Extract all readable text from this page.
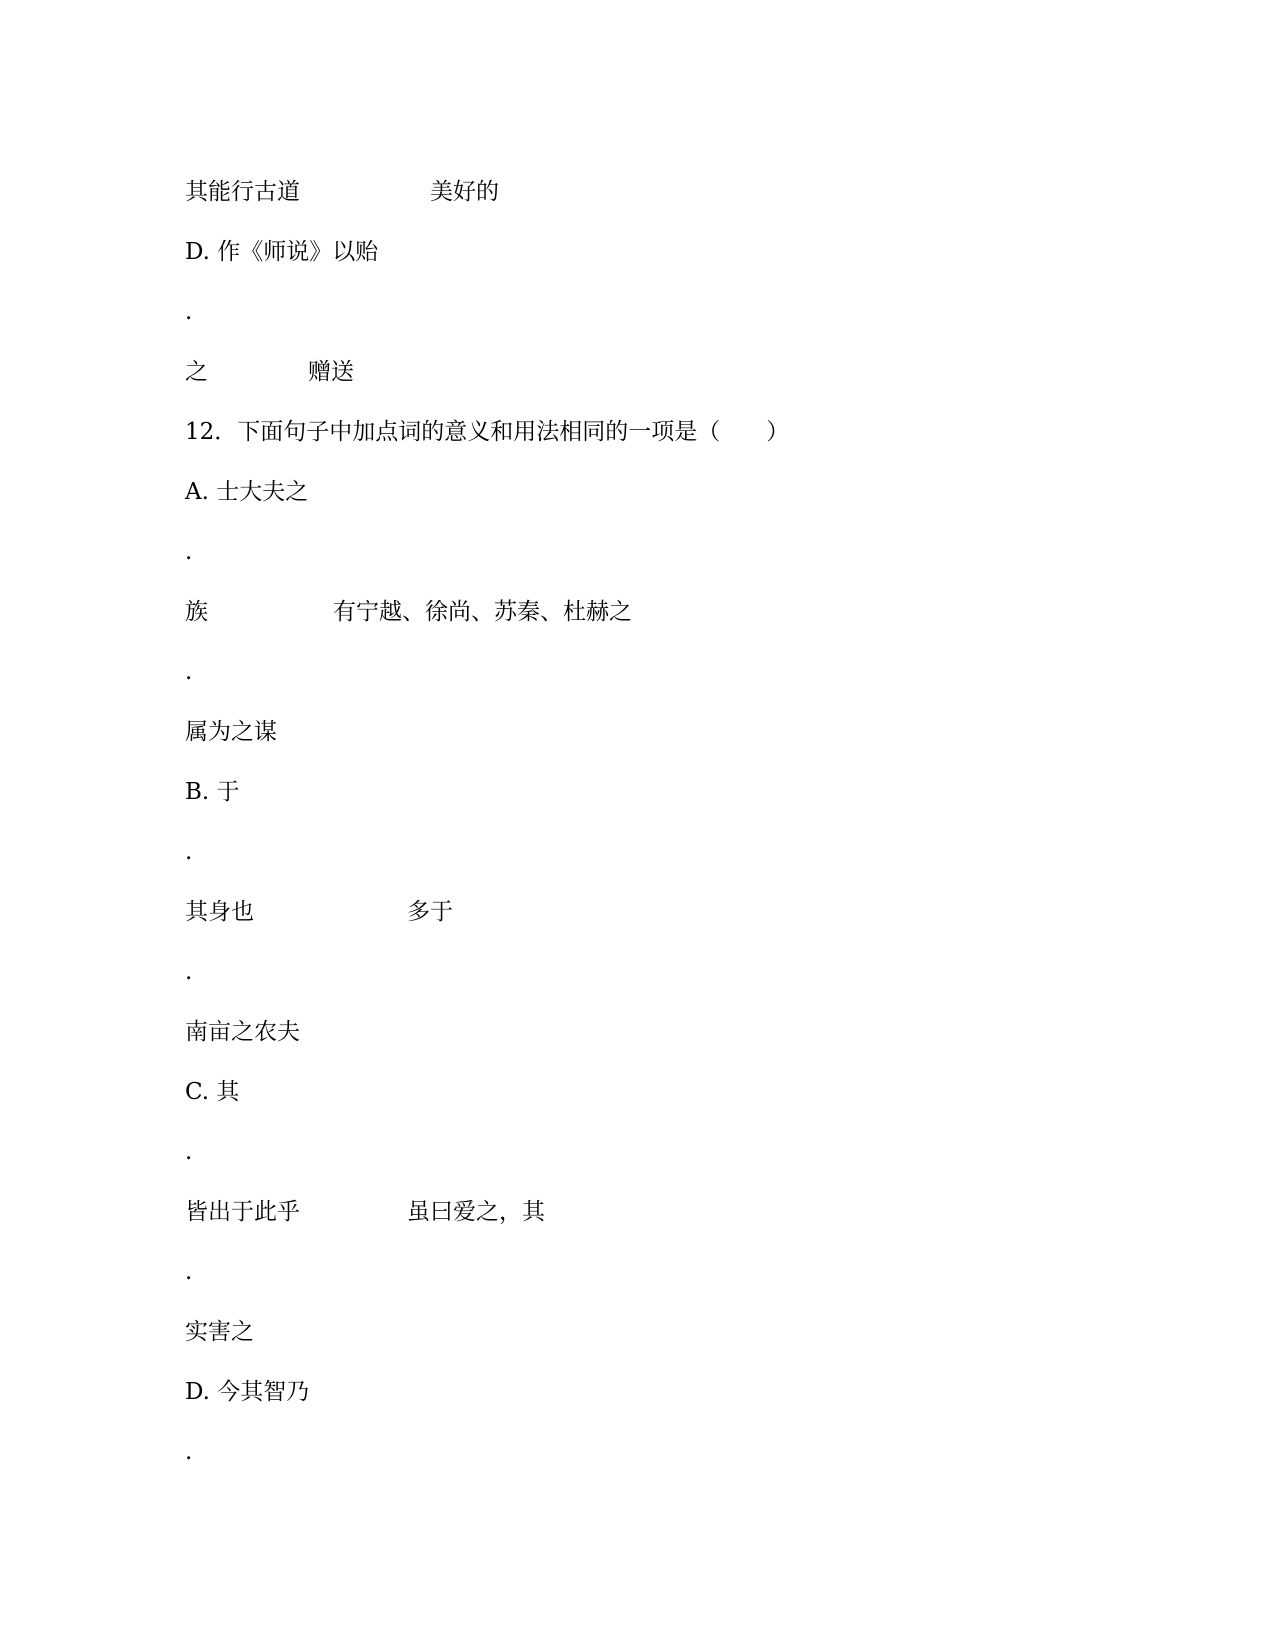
其能行古道

	美好的

D. 作《师说》以贻
.

之

	赠送

12．下面句子中加点词的意义和用法相同的一项是（　　）
A. 士大夫之
.

族

	有宁越、徐尚、苏秦、杜赫之

.
属为之谋
B. 于
.

其身也

	多于

.
南亩之农夫
C. 其
.

皆出于此乎

	虽曰爱之，其

.
实害之
D. 今其智乃
.
